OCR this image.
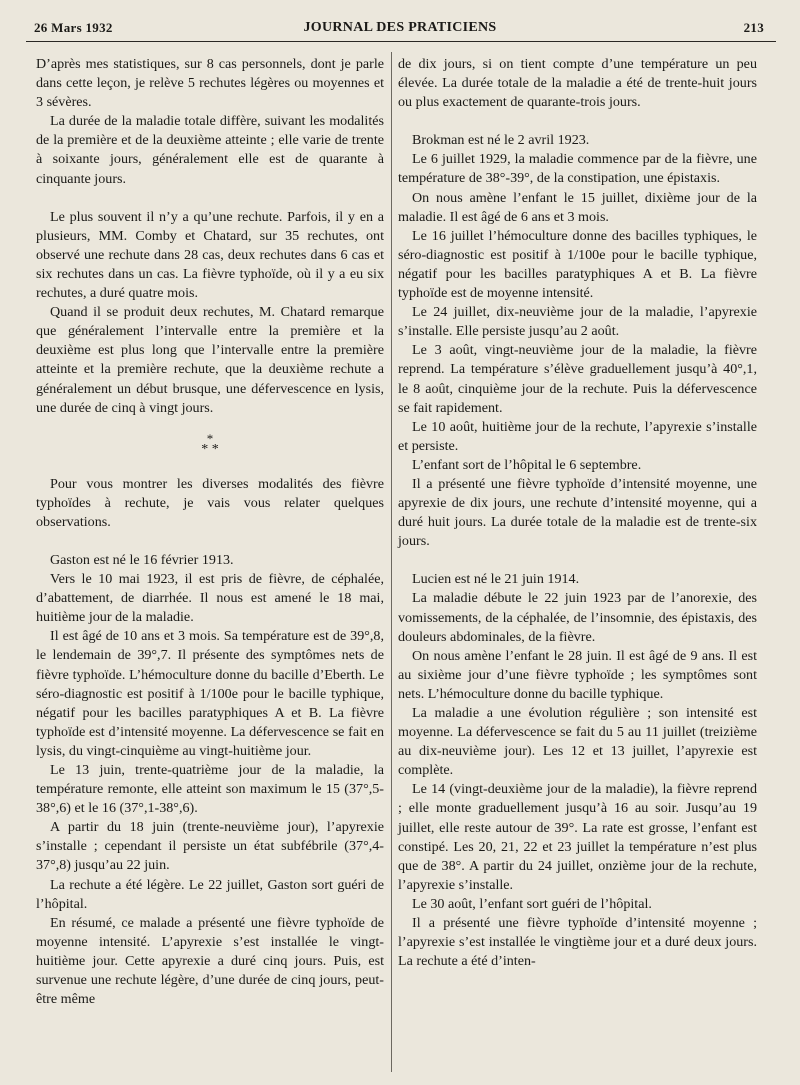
26 Mars 1932	JOURNAL DES PRATICIENS	213

D’après mes statistiques, sur 8 cas personnels, dont je parle dans cette leçon, je relève 5 rechutes légères ou moyennes et 3 sévères.

La durée de la maladie totale diffère, suivant les modalités de la première et de la deuxième atteinte ; elle varie de trente à soixante jours, généralement elle est de quarante à cinquante jours.

Le plus souvent il n’y a qu’une rechute. Parfois, il y en a plusieurs, MM. Comby et Chatard, sur 35 rechutes, ont observé une rechute dans 28 cas, deux rechutes dans 6 cas et six rechutes dans un cas. La fièvre typhoïde, où il y a eu six rechutes, a duré quatre mois.

Quand il se produit deux rechutes, M. Chatard remarque que généralement l’intervalle entre la première et la deuxième est plus long que l’intervalle entre la première atteinte et la première rechute, que la deuxième rechute a généralement un début brusque, une défervescence en lysis, une durée de cinq à vingt jours.

*
* *

Pour vous montrer les diverses modalités des fièvre typhoïdes à rechute, je vais vous relater quelques observations.

Gaston est né le 16 février 1913.

Vers le 10 mai 1923, il est pris de fièvre, de céphalée, d’abattement, de diarrhée. Il nous est amené le 18 mai, huitième jour de la maladie.

Il est âgé de 10 ans et 3 mois. Sa température est de 39°,8, le lendemain de 39°,7. Il présente des symptômes nets de fièvre typhoïde. L’hémoculture donne du bacille d’Eberth. Le séro-diagnostic est positif à 1/100e pour le bacille typhique, négatif pour les bacilles paratyphiques A et B. La fièvre typhoïde est d’intensité moyenne. La défervescence se fait en lysis, du vingt-cinquième au vingt-huitième jour.

Le 13 juin, trente-quatrième jour de la maladie, la température remonte, elle atteint son maximum le 15 (37°,5-38°,6) et le 16 (37°,1-38°,6).

A partir du 18 juin (trente-neuvième jour), l’apyrexie s’installe ; cependant il persiste un état subfébrile (37°,4-37°,8) jusqu’au 22 juin.

La rechute a été légère. Le 22 juillet, Gaston sort guéri de l’hôpital.

En résumé, ce malade a présenté une fièvre typhoïde de moyenne intensité. L’apyrexie s’est installée le vingt-huitième jour. Cette apyrexie a duré cinq jours. Puis, est survenue une rechute légère, d’une durée de cinq jours, peut-être même

de dix jours, si on tient compte d’une température un peu élevée. La durée totale de la maladie a été de trente-huit jours ou plus exactement de quarante-trois jours.

Brokman est né le 2 avril 1923.

Le 6 juillet 1929, la maladie commence par de la fièvre, une température de 38°-39°, de la constipation, une épistaxis.

On nous amène l’enfant le 15 juillet, dixième jour de la maladie. Il est âgé de 6 ans et 3 mois.

Le 16 juillet l’hémoculture donne des bacilles typhiques, le séro-diagnostic est positif à 1/100e pour le bacille typhique, négatif pour les bacilles paratyphiques A et B. La fièvre typhoïde est de moyenne intensité.

Le 24 juillet, dix-neuvième jour de la maladie, l’apyrexie s’installe. Elle persiste jusqu’au 2 août.

Le 3 août, vingt-neuvième jour de la maladie, la fièvre reprend. La température s’élève graduellement jusqu’à 40°,1, le 8 août, cinquième jour de la rechute. Puis la défervescence se fait rapidement.

Le 10 août, huitième jour de la rechute, l’apyrexie s’installe et persiste.

L’enfant sort de l’hôpital le 6 septembre.

Il a présenté une fièvre typhoïde d’intensité moyenne, une apyrexie de dix jours, une rechute d’intensité moyenne, qui a duré huit jours. La durée totale de la maladie est de trente-six jours.

Lucien est né le 21 juin 1914.

La maladie débute le 22 juin 1923 par de l’anorexie, des vomissements, de la céphalée, de l’insomnie, des épistaxis, des douleurs abdominales, de la fièvre.

On nous amène l’enfant le 28 juin. Il est âgé de 9 ans. Il est au sixième jour d’une fièvre typhoïde ; les symptômes sont nets. L’hémoculture donne du bacille typhique.

La maladie a une évolution régulière ; son intensité est moyenne. La défervescence se fait du 5 au 11 juillet (treizième au dix-neuvième jour). Les 12 et 13 juillet, l’apyrexie est complète.

Le 14 (vingt-deuxième jour de la maladie), la fièvre reprend ; elle monte graduellement jusqu’à 16 au soir. Jusqu’au 19 juillet, elle reste autour de 39°. La rate est grosse, l’enfant est constipé. Les 20, 21, 22 et 23 juillet la température n’est plus que de 38°. A partir du 24 juillet, onzième jour de la rechute, l’apyrexie s’installe.

Le 30 août, l’enfant sort guéri de l’hôpital.

Il a présenté une fièvre typhoïde d’intensité moyenne ; l’apyrexie s’est installée le vingtième jour et a duré deux jours. La rechute a été d’inten-
